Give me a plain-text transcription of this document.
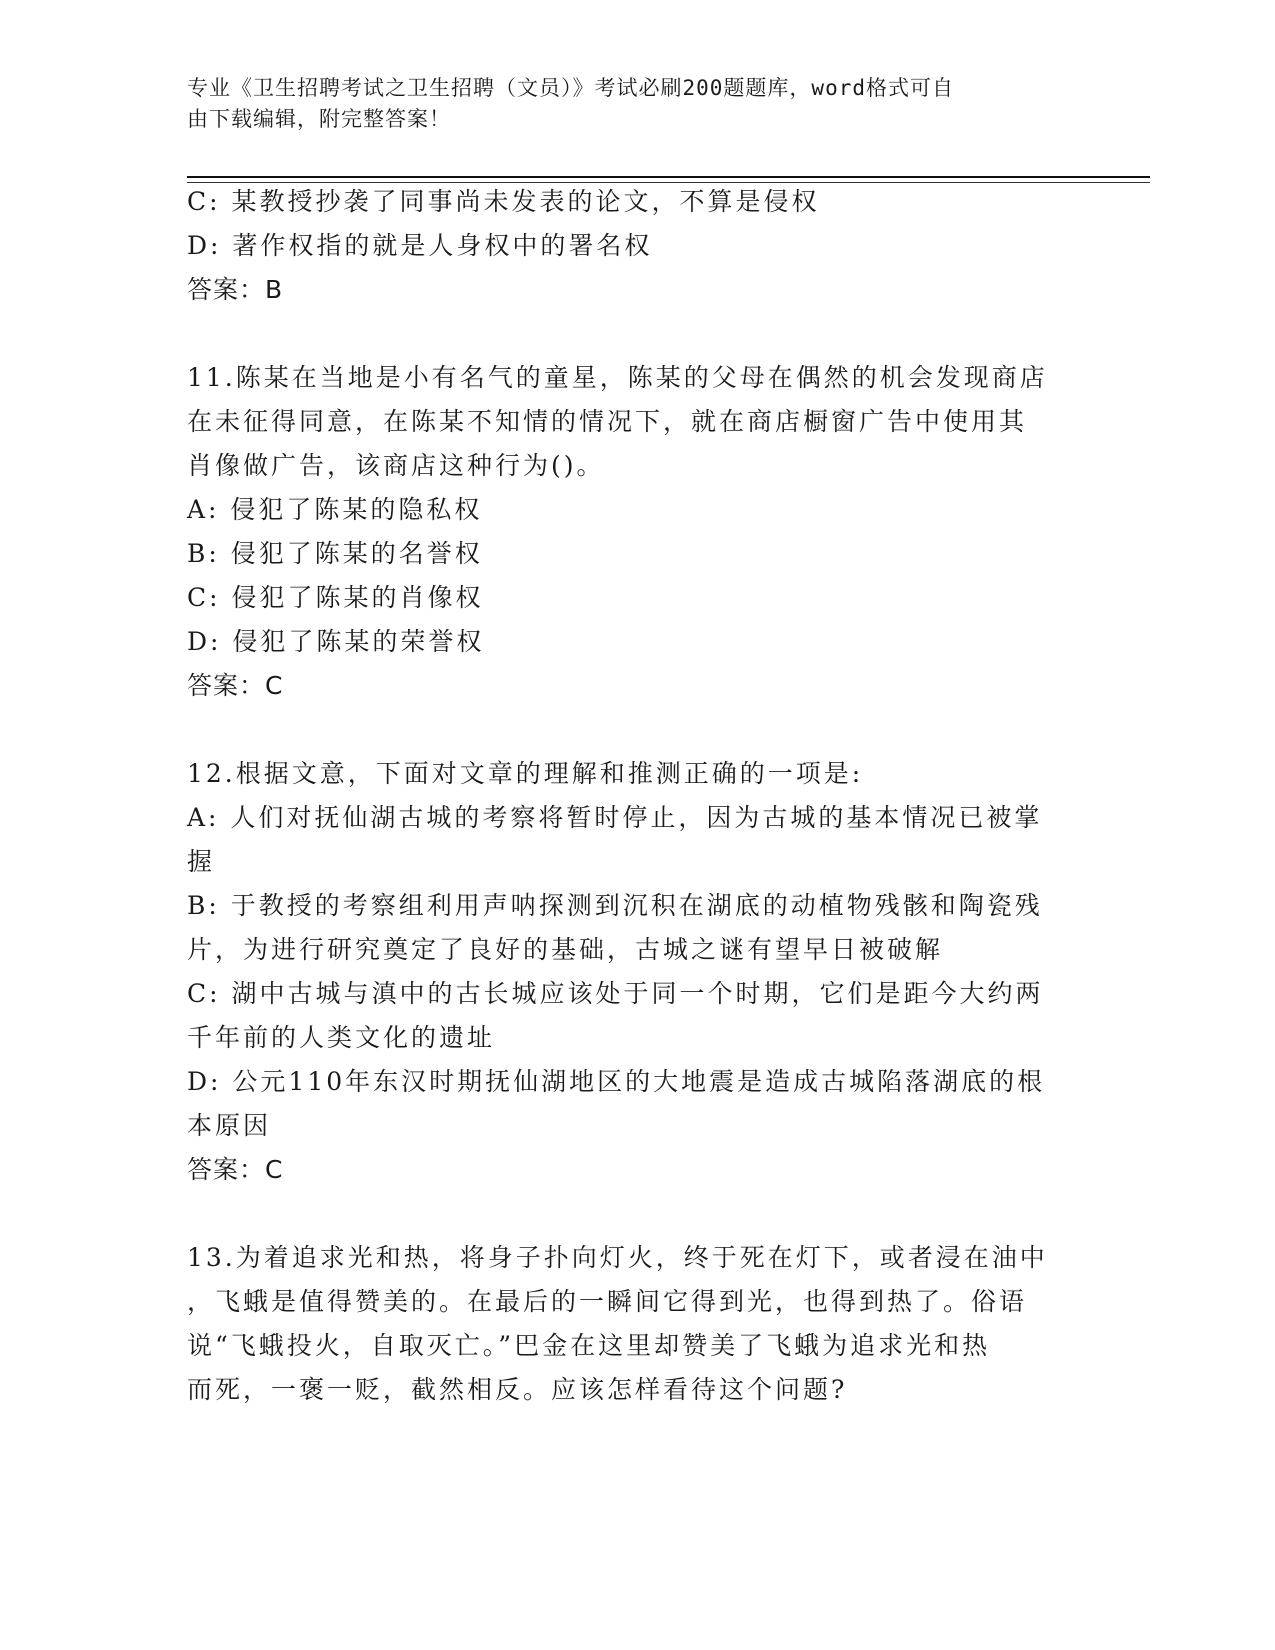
专业《卫生招聘考试之卫生招聘（文员）》考试必刷200题题库，word格式可自
由下载编辑，附完整答案！
C: 某教授抄袭了同事尚未发表的论文，不算是侵权
D: 著作权指的就是人身权中的署名权
答案：B
11.陈某在当地是小有名气的童星，陈某的父母在偶然的机会发现商店
在未征得同意，在陈某不知情的情况下，就在商店橱窗广告中使用其
肖像做广告，该商店这种行为()。
A: 侵犯了陈某的隐私权
B: 侵犯了陈某的名誉权
C: 侵犯了陈某的肖像权
D: 侵犯了陈某的荣誉权
答案：C
12.根据文意，下面对文章的理解和推测正确的一项是:
A: 人们对抚仙湖古城的考察将暂时停止，因为古城的基本情况已被掌
握
B: 于教授的考察组利用声呐探测到沉积在湖底的动植物残骸和陶瓷残
片，为进行研究奠定了良好的基础，古城之谜有望早日被破解
C: 湖中古城与滇中的古长城应该处于同一个时期，它们是距今大约两
千年前的人类文化的遗址
D: 公元110年东汉时期抚仙湖地区的大地震是造成古城陷落湖底的根
本原因
答案：C
13.为着追求光和热，将身子扑向灯火，终于死在灯下，或者浸在油中
，飞蛾是值得赞美的。在最后的一瞬间它得到光，也得到热了。俗语
说“飞蛾投火，自取灭亡。”巴金在这里却赞美了飞蛾为追求光和热
而死，一褒一贬，截然相反。应该怎样看待这个问题?
